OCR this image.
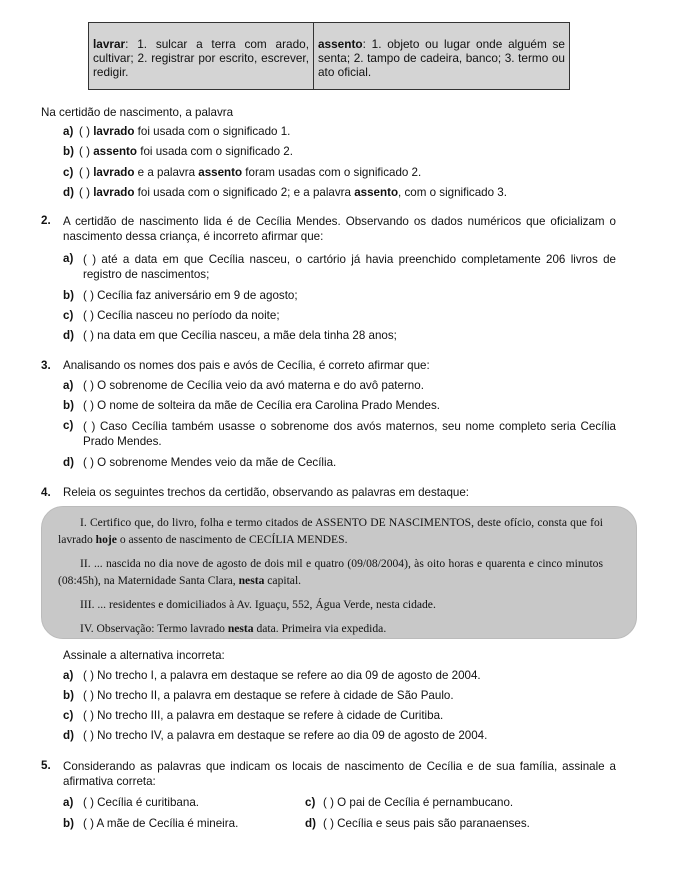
lavrar: 1. sulcar a terra com arado, cultivar; 2. registrar por escrito, escrever, redigir.
assento: 1. objeto ou lugar onde alguém se senta; 2. tampo de cadeira, banco; 3. termo ou ato oficial.
Na certidão de nascimento, a palavra
a) ( ) lavrado foi usada com o significado 1.
b) ( ) assento foi usada com o significado 2.
c) ( ) lavrado e a palavra assento foram usadas com o significado 2.
d) ( ) lavrado foi usada com o significado 2; e a palavra assento, com o significado 3.
2. A certidão de nascimento lida é de Cecília Mendes. Observando os dados numéricos que oficializam o nascimento dessa criança, é incorreto afirmar que:
a) ( ) até a data em que Cecília nasceu, o cartório já havia preenchido completamente 206 livros de registro de nascimentos;
b) ( ) Cecília faz aniversário em 9 de agosto;
c) ( ) Cecília nasceu no período da noite;
d) ( ) na data em que Cecília nasceu, a mãe dela tinha 28 anos;
3. Analisando os nomes dos pais e avós de Cecília, é correto afirmar que:
a) ( ) O sobrenome de Cecília veio da avó materna e do avô paterno.
b) ( ) O nome de solteira da mãe de Cecília era Carolina Prado Mendes.
c) ( ) Caso Cecília também usasse o sobrenome dos avós maternos, seu nome completo seria Cecília Prado Mendes.
d) ( ) O sobrenome Mendes veio da mãe de Cecília.
4. Releia os seguintes trechos da certidão, observando as palavras em destaque:
I. Certifico que, do livro, folha e termo citados de ASSENTO DE NASCIMENTOS, deste ofício, consta que foi lavrado hoje o assento de nascimento de CECÍLIA MENDES.
II. ... nascida no dia nove de agosto de dois mil e quatro (09/08/2004), às oito horas e quarenta e cinco minutos (08:45h), na Maternidade Santa Clara, nesta capital.
III. ... residentes e domiciliados à Av. Iguaçu, 552, Água Verde, nesta cidade.
IV. Observação: Termo lavrado nesta data. Primeira via expedida.
Assinale a alternativa incorreta:
a) ( ) No trecho I, a palavra em destaque se refere ao dia 09 de agosto de 2004.
b) ( ) No trecho II, a palavra em destaque se refere à cidade de São Paulo.
c) ( ) No trecho III, a palavra em destaque se refere à cidade de Curitiba.
d) ( ) No trecho IV, a palavra em destaque se refere ao dia 09 de agosto de 2004.
5. Considerando as palavras que indicam os locais de nascimento de Cecília e de sua família, assinale a afirmativa correta:
a) ( ) Cecília é curitibana.	c) ( ) O pai de Cecília é pernambucano.
b) ( ) A mãe de Cecília é mineira.	d) ( ) Cecília e seus pais são paranaenses.
